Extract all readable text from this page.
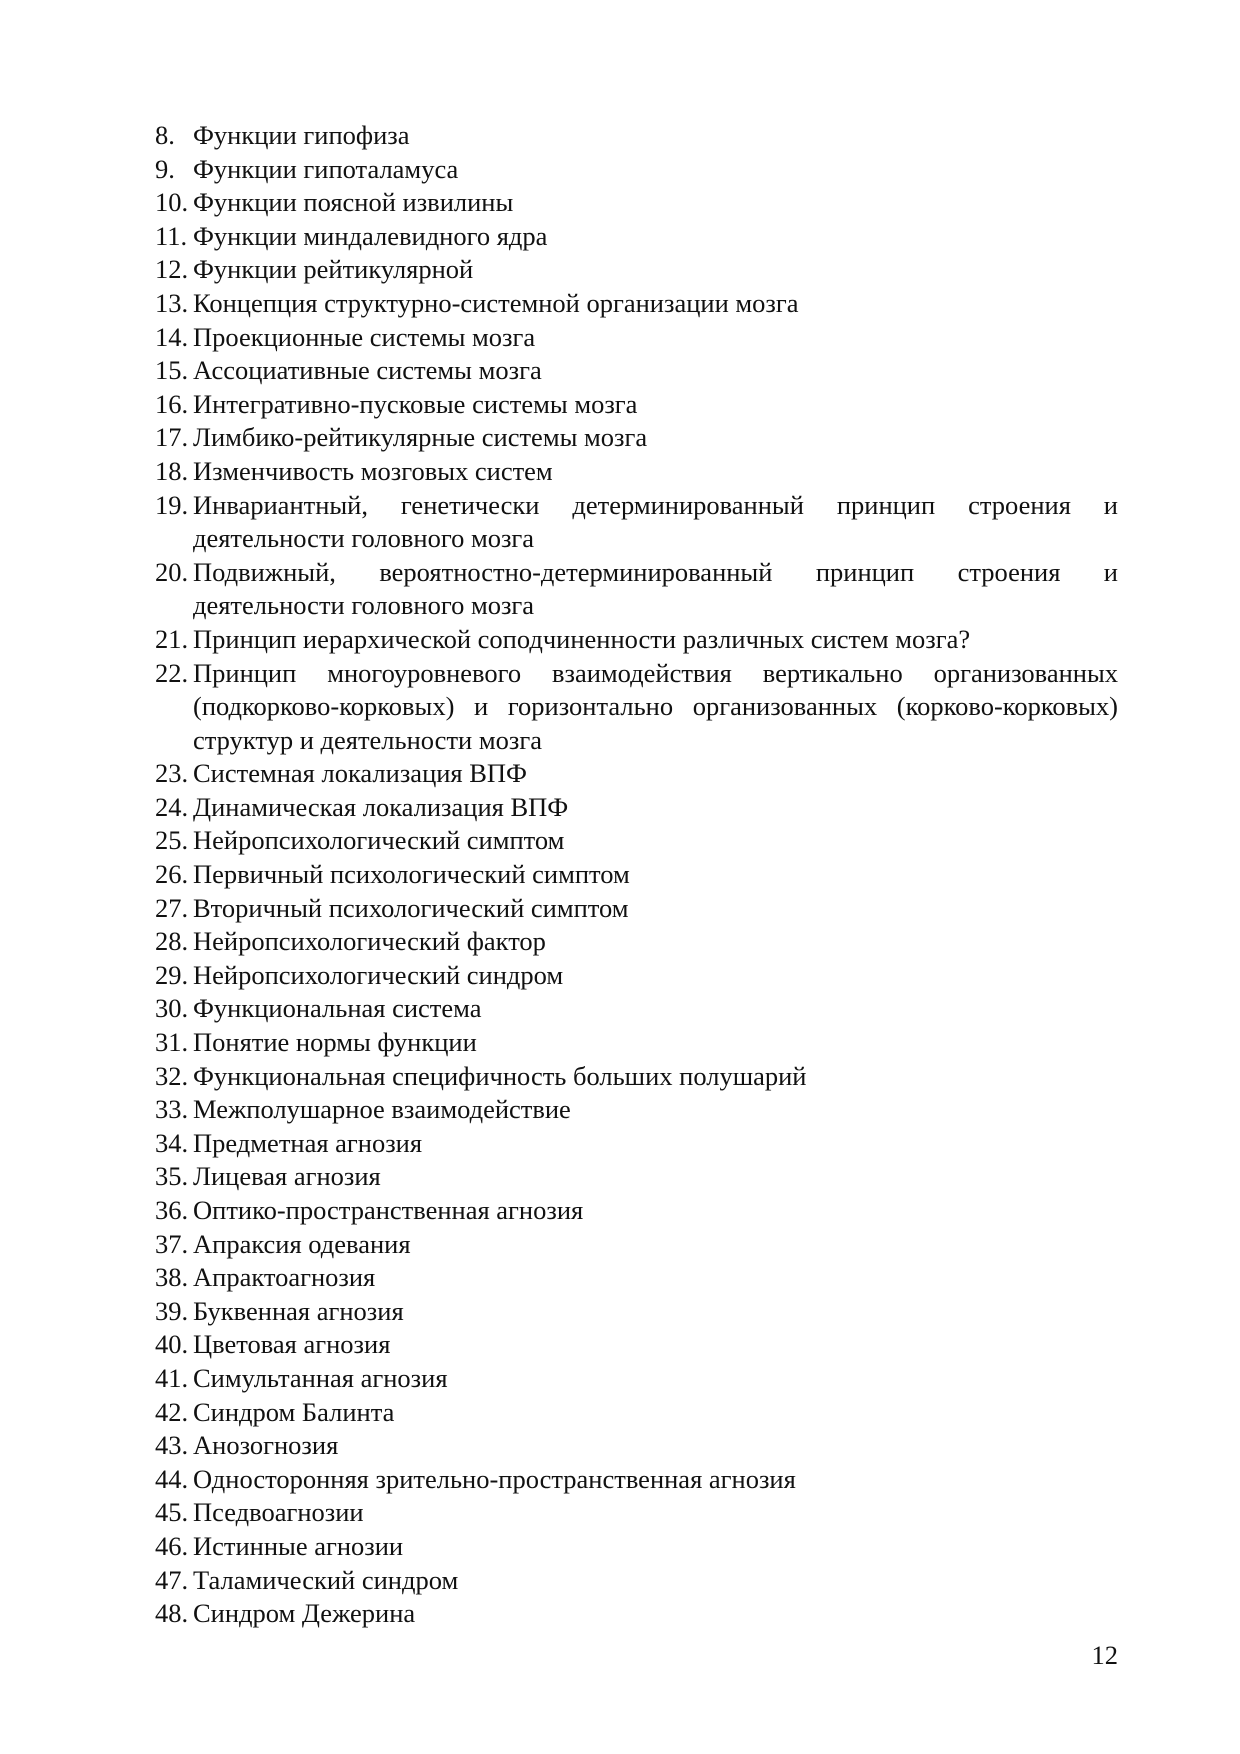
8. Функции гипофиза
9. Функции гипоталамуса
10. Функции поясной извилины
11. Функции миндалевидного ядра
12. Функции рейтикулярной
13. Концепция структурно-системной организации мозга
14. Проекционные системы мозга
15. Ассоциативные системы мозга
16. Интегративно-пусковые системы мозга
17. Лимбико-рейтикулярные системы мозга
18. Изменчивость мозговых систем
19. Инвариантный, генетически детерминированный принцип строения и деятельности головного мозга
20. Подвижный, вероятностно-детерминированный принцип строения и деятельности головного мозга
21. Принцип иерархической соподчиненности различных систем мозга?
22. Принцип многоуровневого взаимодействия вертикально организованных (подкорково-корковых) и горизонтально организованных (корково-корковых) структур и деятельности мозга
23. Системная локализация ВПФ
24. Динамическая локализация ВПФ
25. Нейропсихологический симптом
26. Первичный психологический симптом
27. Вторичный психологический симптом
28. Нейропсихологический фактор
29. Нейропсихологический синдром
30. Функциональная система
31. Понятие нормы функции
32. Функциональная специфичность больших полушарий
33. Межполушарное взаимодействие
34. Предметная агнозия
35. Лицевая агнозия
36. Оптико-пространственная агнозия
37. Апраксия одевания
38. Апрактоагнозия
39. Буквенная агнозия
40. Цветовая агнозия
41. Симультанная агнозия
42. Синдром Балинта
43. Анозогнозия
44. Односторонняя зрительно-пространственная агнозия
45. Пседвоагнозии
46. Истинные агнозии
47. Таламический синдром
48. Синдром Дежерина
12
